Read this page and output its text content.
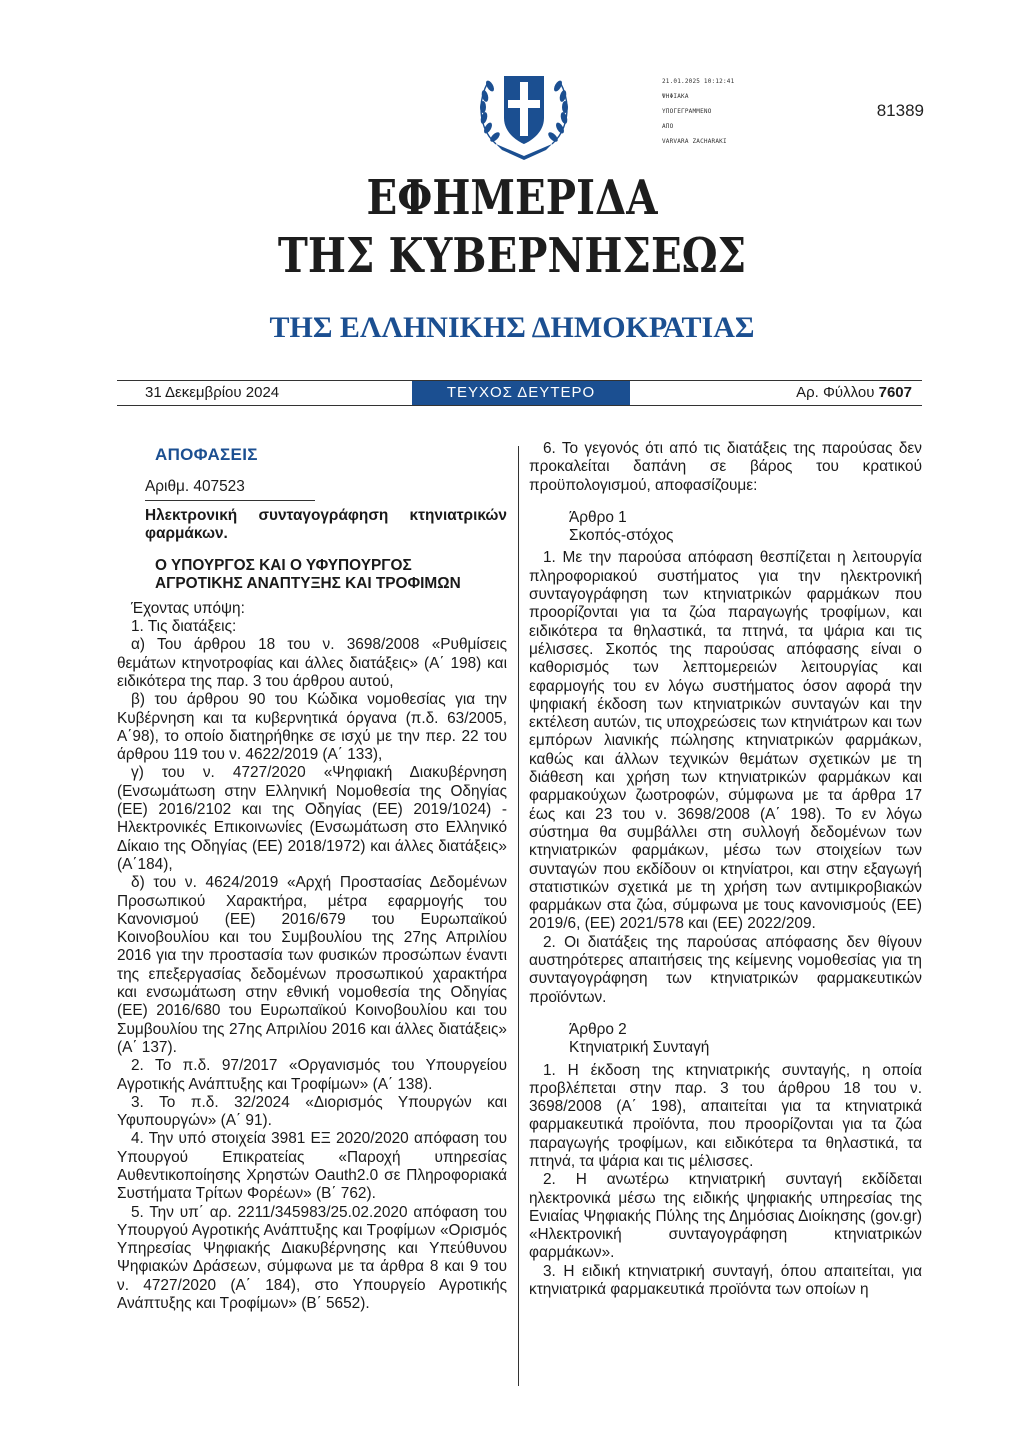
21.01.2025 10:12:41
ΨΗΦΙΑΚΑ
ΥΠΟΓΕΓΡΑΜΜΕΝΟ
ΑΠΟ
VARVARA ZACHARAKI
81389
ΕΦΗΜΕΡΙΔΑ
ΤΗΣ ΚΥΒΕΡΝΗΣΕΩΣ
ΤΗΣ ΕΛΛΗΝΙΚΗΣ ΔΗΜΟΚΡΑΤΙΑΣ
31 Δεκεμβρίου 2024	ΤΕΥΧΟΣ ΔΕΥΤΕΡΟ	Αρ. Φύλλου 7607
ΑΠΟΦΑΣΕΙΣ
Αριθμ. 407523
Ηλεκτρονική συνταγογράφηση κτηνιατρικών φαρμάκων.
Ο ΥΠΟΥΡΓΟΣ ΚΑΙ Ο ΥΦΥΠΟΥΡΓΟΣ
ΑΓΡΟΤΙΚΗΣ ΑΝΑΠΤΥΞΗΣ ΚΑΙ ΤΡΟΦΙΜΩΝ

Έχοντας υπόψη:

1. Τις διατάξεις:

α) Του άρθρου 18 του ν. 3698/2008 «Ρυθμίσεις θεμάτων κτηνοτροφίας και άλλες διατάξεις» (Α΄ 198) και ειδικότερα της παρ. 3 του άρθρου αυτού,

β) του άρθρου 90 του Κώδικα νομοθεσίας για την Κυβέρνηση και τα κυβερνητικά όργανα (π.δ. 63/2005, Α΄98), το οποίο διατηρήθηκε σε ισχύ με την περ. 22 του άρθρου 119 του ν. 4622/2019 (Α΄ 133),

γ) του ν. 4727/2020 «Ψηφιακή Διακυβέρνηση (Ενσωμάτωση στην Ελληνική Νομοθεσία της Οδηγίας (ΕΕ) 2016/2102 και της Οδηγίας (ΕΕ) 2019/1024) - Ηλεκτρονικές Επικοινωνίες (Ενσωμάτωση στο Ελληνικό Δίκαιο της Οδηγίας (ΕΕ) 2018/1972) και άλλες διατάξεις» (Α΄184),

δ) του ν. 4624/2019 «Αρχή Προστασίας Δεδομένων Προσωπικού Χαρακτήρα, μέτρα εφαρμογής του Κανονισμού (ΕΕ) 2016/679 του Ευρωπαϊκού Κοινοβουλίου και του Συμβουλίου της 27ης Απριλίου 2016 για την προστασία των φυσικών προσώπων έναντι της επεξεργασίας δεδομένων προσωπικού χαρακτήρα και ενσωμάτωση στην εθνική νομοθεσία της Οδηγίας (ΕΕ) 2016/680 του Ευρωπαϊκού Κοινοβουλίου και του Συμβουλίου της 27ης Απριλίου 2016 και άλλες διατάξεις» (Α΄ 137).

2. Το π.δ. 97/2017 «Οργανισμός του Υπουργείου Αγροτικής Ανάπτυξης και Τροφίμων» (Α΄ 138).

3. Το π.δ. 32/2024 «Διορισμός Υπουργών και Υφυπουργών» (Α΄ 91).

4. Την υπό στοιχεία 3981 ΕΞ 2020/2020 απόφαση του Υπουργού Επικρατείας «Παροχή υπηρεσίας Αυθεντικοποίησης Χρηστών Oauth2.0 σε Πληροφοριακά Συστήματα Τρίτων Φορέων» (Β΄ 762).

5. Την υπ΄ αρ. 2211/345983/25.02.2020 απόφαση του Υπουργού Αγροτικής Ανάπτυξης και Τροφίμων «Ορισμός Υπηρεσίας Ψηφιακής Διακυβέρνησης και Υπεύθυνου Ψηφιακών Δράσεων, σύμφωνα με τα άρθρα 8 και 9 του ν. 4727/2020 (Α΄ 184), στο Υπουργείο Αγροτικής Ανάπτυξης και Τροφίμων» (Β΄ 5652).

6. Το γεγονός ότι από τις διατάξεις της παρούσας δεν προκαλείται δαπάνη σε βάρος του κρατικού προϋπολογισμού, αποφασίζουμε:

Άρθρο 1
Σκοπός-στόχος

1. Με την παρούσα απόφαση θεσπίζεται η λειτουργία πληροφοριακού συστήματος για την ηλεκτρονική συνταγογράφηση των κτηνιατρικών φαρμάκων που προορίζονται για τα ζώα παραγωγής τροφίμων, και ειδικότερα τα θηλαστικά, τα πτηνά, τα ψάρια και τις μέλισσες. Σκοπός της παρούσας απόφασης είναι ο καθορισμός των λεπτομερειών λειτουργίας και εφαρμογής του εν λόγω συστήματος όσον αφορά την ψηφιακή έκδοση των κτηνιατρικών συνταγών και την εκτέλεση αυτών, τις υποχρεώσεις των κτηνιάτρων και των εμπόρων λιανικής πώλησης κτηνιατρικών φαρμάκων, καθώς και άλλων τεχνικών θεμάτων σχετικών με τη διάθεση και χρήση των κτηνιατρικών φαρμάκων και φαρμακούχων ζωοτροφών, σύμφωνα με τα άρθρα 17 έως και 23 του ν. 3698/2008 (Α΄ 198). Το εν λόγω σύστημα θα συμβάλλει στη συλλογή δεδομένων των κτηνιατρικών φαρμάκων, μέσω των στοιχείων των συνταγών που εκδίδουν οι κτηνίατροι, και στην εξαγωγή στατιστικών σχετικά με τη χρήση των αντιμικροβιακών φαρμάκων στα ζώα, σύμφωνα με τους κανονισμούς (ΕΕ) 2019/6, (ΕΕ) 2021/578 και (ΕΕ) 2022/209.

2. Οι διατάξεις της παρούσας απόφασης δεν θίγουν αυστηρότερες απαιτήσεις της κείμενης νομοθεσίας για τη συνταγογράφηση των κτηνιατρικών φαρμακευτικών προϊόντων.

Άρθρο 2
Κτηνιατρική Συνταγή

1. Η έκδοση της κτηνιατρικής συνταγής, η οποία προβλέπεται στην παρ. 3 του άρθρου 18 του ν. 3698/2008 (Α΄ 198), απαιτείται για τα κτηνιατρικά φαρμακευτικά προϊόντα, που προορίζονται για τα ζώα παραγωγής τροφίμων, και ειδικότερα τα θηλαστικά, τα πτηνά, τα ψάρια και τις μέλισσες.

2. Η ανωτέρω κτηνιατρική συνταγή εκδίδεται ηλεκτρονικά μέσω της ειδικής ψηφιακής υπηρεσίας της Ενιαίας Ψηφιακής Πύλης της Δημόσιας Διοίκησης (gov.gr) «Ηλεκτρονική συνταγογράφηση κτηνιατρικών φαρμάκων».

3. Η ειδική κτηνιατρική συνταγή, όπου απαιτείται, για κτηνιατρικά φαρμακευτικά προϊόντα των οποίων η
